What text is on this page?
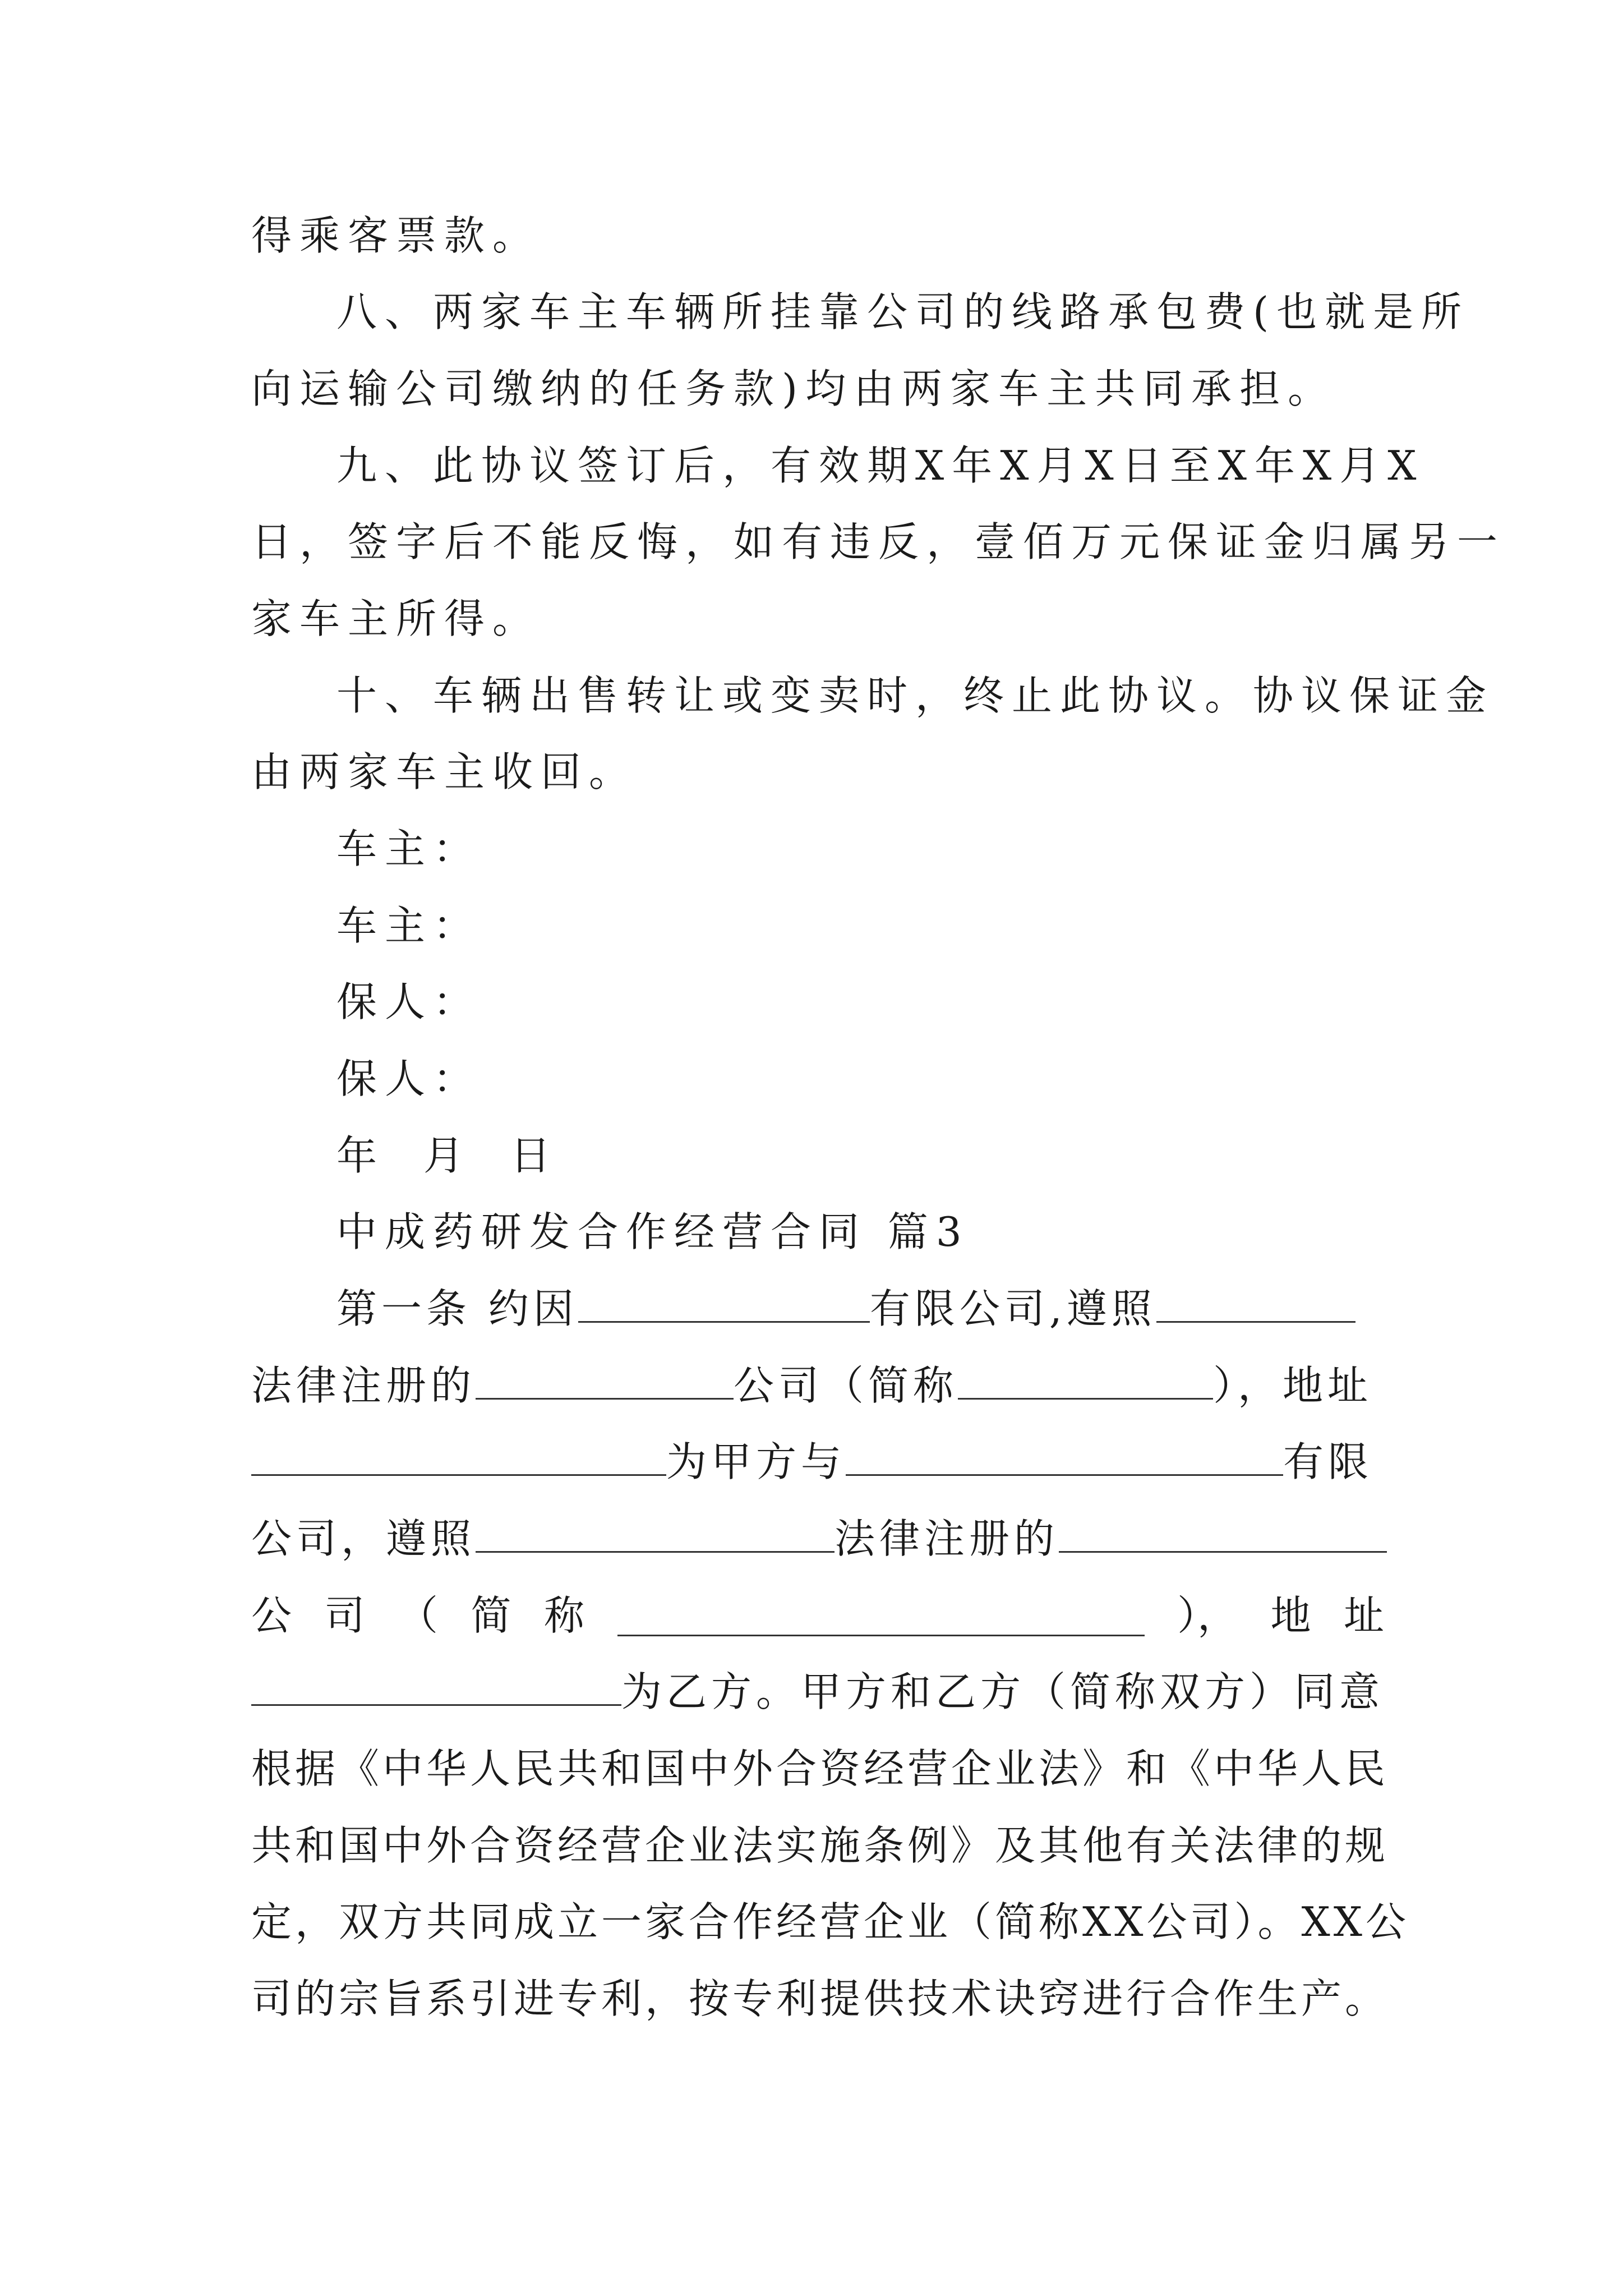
得乘客票款。
八、两家车主车辆所挂靠公司的线路承包费(也就是所
向运输公司缴纳的任务款)均由两家车主共同承担。
九、此协议签订后，有效期X年X月X日至X年X月X
日，签字后不能反悔，如有违反，壹佰万元保证金归属另一
家车主所得。
十、车辆出售转让或变卖时，终止此协议。协议保证金
由两家车主收回。
车主：
车主：
保人：
保人：
年 月 日
中成药研发合作经营合同 篇3
第一条 约因	有限公司,遵照
法律注册的	公司（简称	），地址
为甲方与	有限
公司，遵照	法律注册的
公 司 （ 简 称	）， 地 址
为乙方。甲方和乙方（简称双方）同意
根据《中华人民共和国中外合资经营企业法》和《中华人民
共和国中外合资经营企业法实施条例》及其他有关法律的规
定，双方共同成立一家合作经营企业（简称XX公司）。XX公
司的宗旨系引进专利，按专利提供技术诀窍进行合作生产。
